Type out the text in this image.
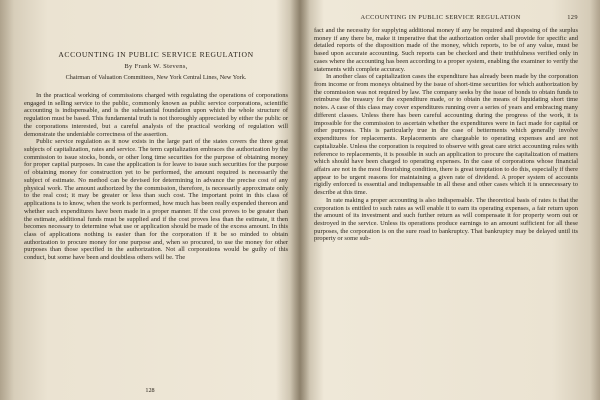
ACCOUNTING IN PUBLIC SERVICE REGULATION
By Frank W. Stevens,
Chairman of Valuation Committees, New York Central Lines, New York.

In the practical working of commissions charged with regulating the operations of corporations engaged in selling service to the public, commonly known as public service corporations, scientific accounting is indispensable, and is the substantial foundation upon which the whole structure of regulation must be based. This fundamental truth is not thoroughly appreciated by either the public or the corporations interested, but a careful analysis of the practical working of regulation will demonstrate the undeniable correctness of the assertion.

Public service regulation as it now exists in the large part of the states covers the three great subjects of capitalization, rates and service. The term capitalization embraces the authorization by the commission to issue stocks, bonds, or other long time securities for the purpose of obtaining money for proper capital purposes. In case the application is for leave to issue such securities for the purpose of obtaining money for construction yet to be performed, the amount required is necessarily the subject of estimate. No method can be devised for determining in advance the precise cost of any physical work. The amount authorized by the commission, therefore, is necessarily approximate only to the real cost; it may be greater or less than such cost. The important point in this class of applications is to know, when the work is performed, how much has been really expended thereon and whether such expenditures have been made in a proper manner. If the cost proves to be greater than the estimate, additional funds must be supplied and if the cost proves less than the estimate, it then becomes necessary to determine what use or application should be made of the excess amount. In this class of applications nothing is easier than for the corporation if it be so minded to obtain authorization to procure money for one purpose and, when so procured, to use the money for other purposes than those specified in the authorization. Not all corporations would be guilty of this conduct, but some have been and doubtless others will be. The

128
ACCOUNTING IN PUBLIC SERVICE REGULATION	129

fact and the necessity for supplying additional money if any be required and disposing of the surplus money if any there be, make it imperative that the authorization order shall provide for specific and detailed reports of the disposition made of the money, which reports, to be of any value, must be based upon accurate accounting. Such reports can be checked and their truthfulness verified only in cases where the accounting has been according to a proper system, enabling the examiner to verify the statements with complete accuracy.

In another class of capitalization cases the expenditure has already been made by the corporation from income or from moneys obtained by the issue of short-time securities for which authorization by the commission was not required by law. The company seeks by the issue of bonds to obtain funds to reimburse the treasury for the expenditure made, or to obtain the means of liquidating short time notes. A case of this class may cover expenditures running over a series of years and embracing many different classes. Unless there has been careful accounting during the progress of the work, it is impossible for the commission to ascertain whether the expenditures were in fact made for capital or other purposes. This is particularly true in the case of betterments which generally involve expenditures for replacements. Replacements are chargeable to operating expenses and are not capitalizable. Unless the corporation is required to observe with great care strict accounting rules with reference to replacements, it is possible in such an application to procure the capitalization of matters which should have been charged to operating expenses. In the case of corporations whose financial affairs are not in the most flourishing condition, there is great temptation to do this, especially if there appear to be urgent reasons for maintaining a given rate of dividend. A proper system of accounts rigidly enforced is essential and indispensable in all these and other cases which it is unnecessary to describe at this time.

In rate making a proper accounting is also indispensable. The theoretical basis of rates is that the corporation is entitled to such rates as will enable it to earn its operating expenses, a fair return upon the amount of its investment and such further return as will compensate it for property worn out or destroyed in the service. Unless its operations produce earnings to an amount sufficient for all these purposes, the corporation is on the sure road to bankruptcy. That bankruptcy may be delayed until its property or some sub-
